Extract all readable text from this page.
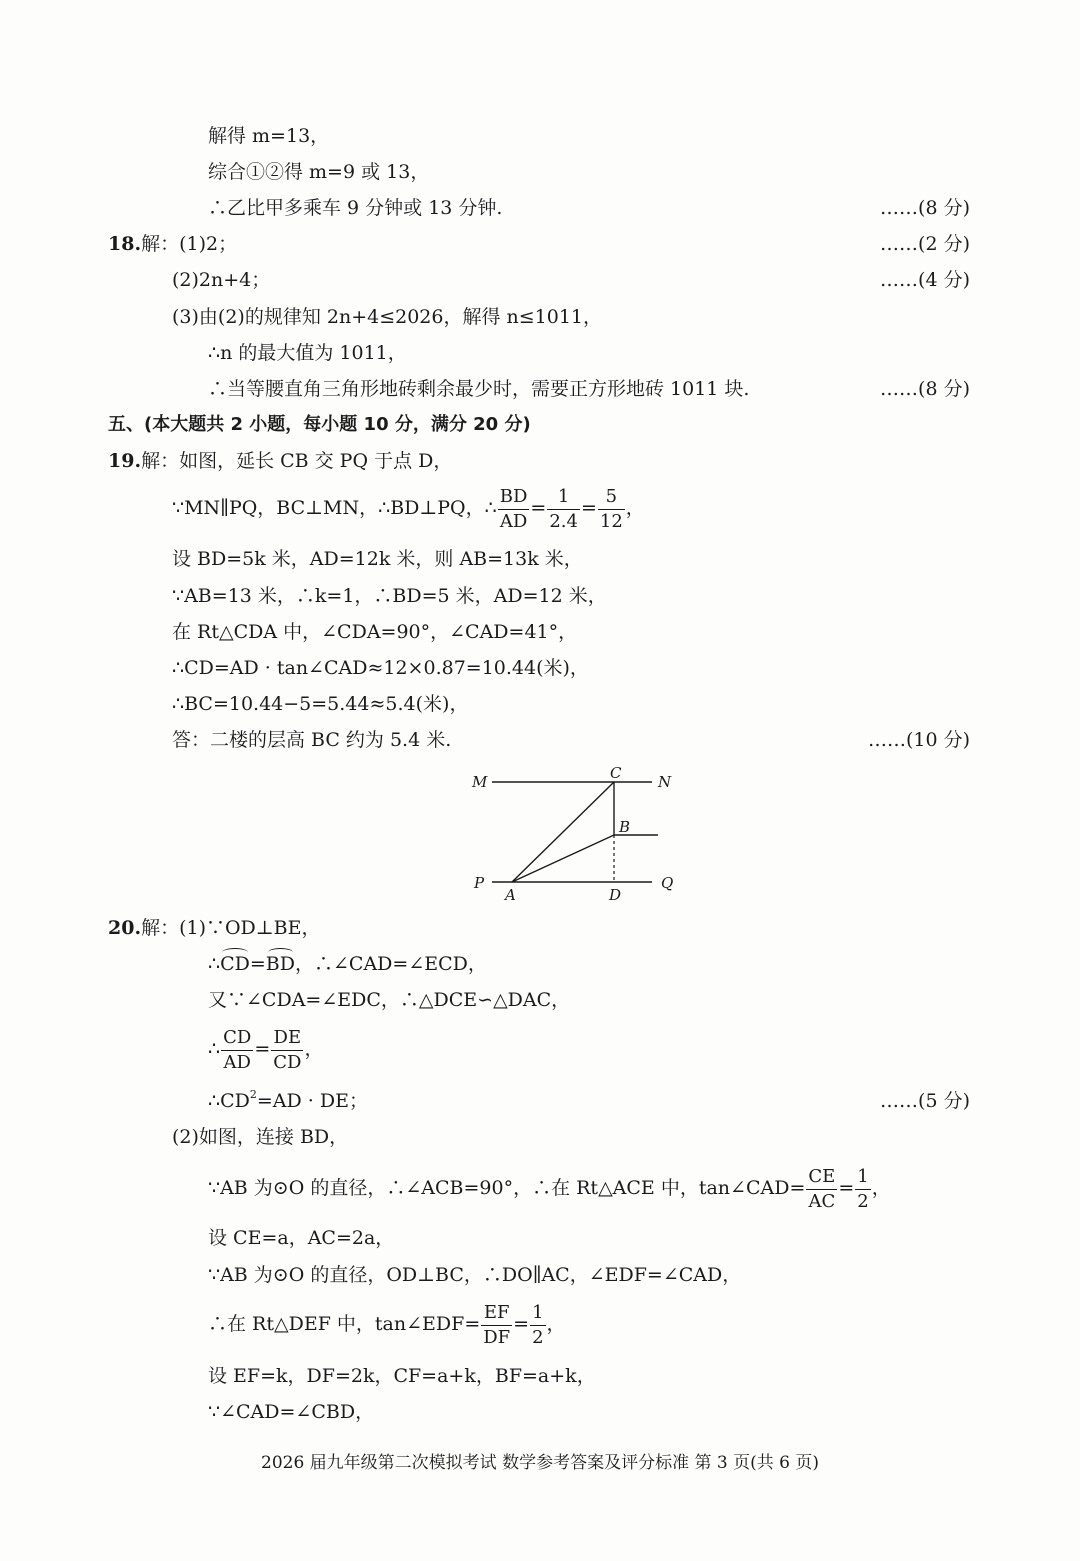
解得 m=13，
综合①②得 m=9 或 13，
∴乙比甲多乘车 9 分钟或 13 分钟.	……(8 分)
18.解：(1)2；	……(2 分)
(2)2n+4；	……(4 分)
(3)由(2)的规律知 2n+4≤2026，解得 n≤1011，
∴n 的最大值为 1011，
∴当等腰直角三角形地砖剩余最少时，需要正方形地砖 1011 块.	……(8 分)
五、(本大题共 2 小题，每小题 10 分，满分 20 分)
19.解：如图，延长 CB 交 PQ 于点 D，
∵MN∥PQ，BC⊥MN，∴BD⊥PQ，∴ $\frac{BD}{AD} = \frac{1}{2.4} = \frac{5}{12}$ ，
设 BD=5k 米，AD=12k 米，则 AB=13k 米，
∵AB=13 米，∴k=1，∴BD=5 米，AD=12 米，
在 Rt△CDA 中，∠CDA=90°，∠CAD=41°，
∴CD=AD · tan∠CAD≈12×0.87=10.44(米)，
∴BC=10.44−5=5.44≈5.4(米)，
答：二楼的层高 BC 约为 5.4 米.	……(10 分)
M	N
C
B
P	Q
A	D
20.解：(1)∵OD⊥BE，
∴CD=BD，∴∠CAD=∠ECD，
又∵∠CDA=∠EDC，∴△DCE∽△DAC，
∴ $\frac{CD}{AD} = \frac{DE}{CD}$ ，
$\therefore CD^2=AD$ · DE；	……(5 分)
(2)如图，连接 BD，
∵AB 为⊙O 的直径，∴∠ACB=90°，∴在 Rt△ACE 中，tan∠CAD= $\frac{CE}{AC} = \frac{1}{2}$ ，
设 CE=a，AC=2a，
∵AB 为⊙O 的直径，OD⊥BC，∴DO∥AC，∠EDF=∠CAD，
∴在 Rt△DEF 中，tan∠EDF= $\frac{EF}{DF} = \frac{1}{2}$ ，
设 EF=k，DF=2k，CF=a+k，BF=a+k，
∵∠CAD=∠CBD，
2026 届九年级第二次模拟考试 数学参考答案及评分标准 第 3 页(共 6 页)
